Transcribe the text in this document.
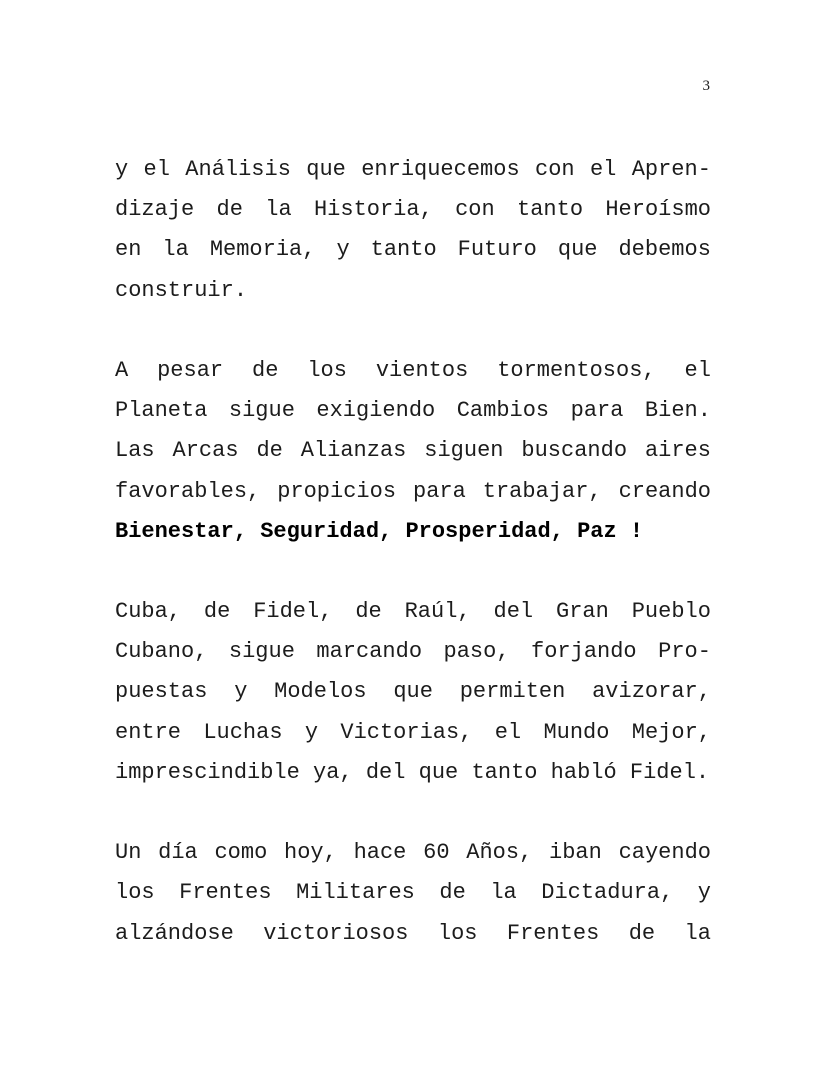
3
y el Análisis que enriquecemos con el Apren-
dizaje de la Historia, con tanto Heroísmo
en la Memoria, y tanto Futuro que debemos
construir.
A pesar de los vientos tormentosos, el
Planeta sigue exigiendo Cambios para Bien.
Las Arcas de Alianzas siguen buscando aires
favorables, propicios para trabajar, creando
Bienestar, Seguridad, Prosperidad, Paz !
Cuba, de Fidel, de Raúl, del Gran Pueblo
Cubano, sigue marcando paso, forjando Pro-
puestas y Modelos que permiten avizorar,
entre Luchas y Victorias, el Mundo Mejor,
imprescindible ya, del que tanto habló Fidel.
Un día como hoy, hace 60 Años, iban cayendo
los Frentes Militares de la Dictadura, y
alzándose victoriosos los Frentes de la
